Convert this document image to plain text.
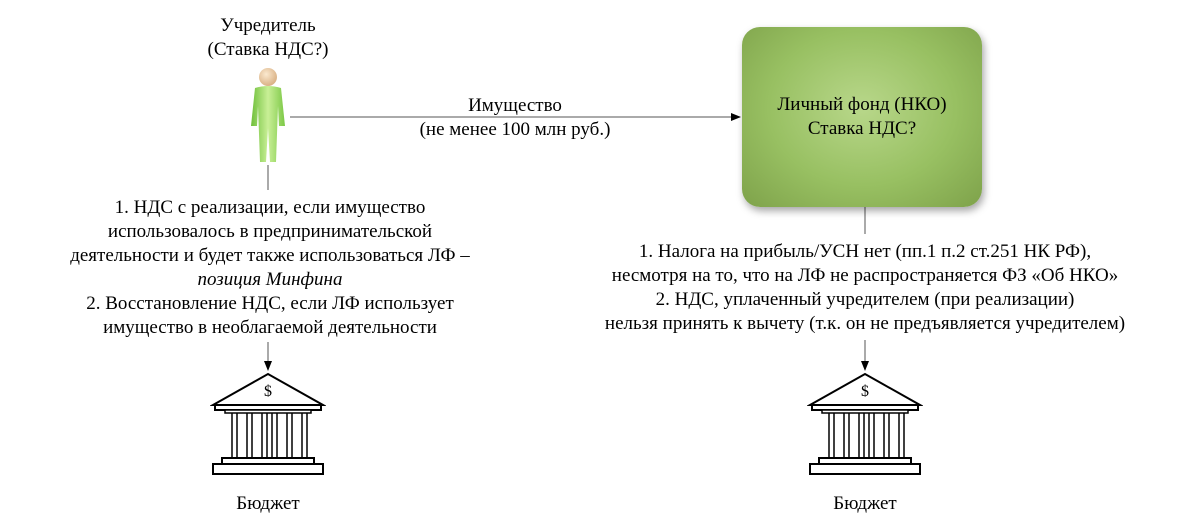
Учредитель
(Ставка НДС?)
Имущество
(не менее 100 млн руб.)
Личный фонд (НКО)
Ставка НДС?
1. НДС с реализации, если имущество
использовалось в предпринимательской
деятельности и будет также использоваться ЛФ –
позиция Минфина
2. Восстановление НДС, если ЛФ использует
имущество в необлагаемой деятельности
1. Налога на прибыль/УСН нет (пп.1 п.2 ст.251 НК РФ),
несмотря на то, что на ЛФ не распространяется ФЗ «Об НКО»
2. НДС, уплаченный учредителем (при реализации)
нельзя принять к вычету (т.к. он не предъявляется учредителем)
$
Бюджет
$
Бюджет
